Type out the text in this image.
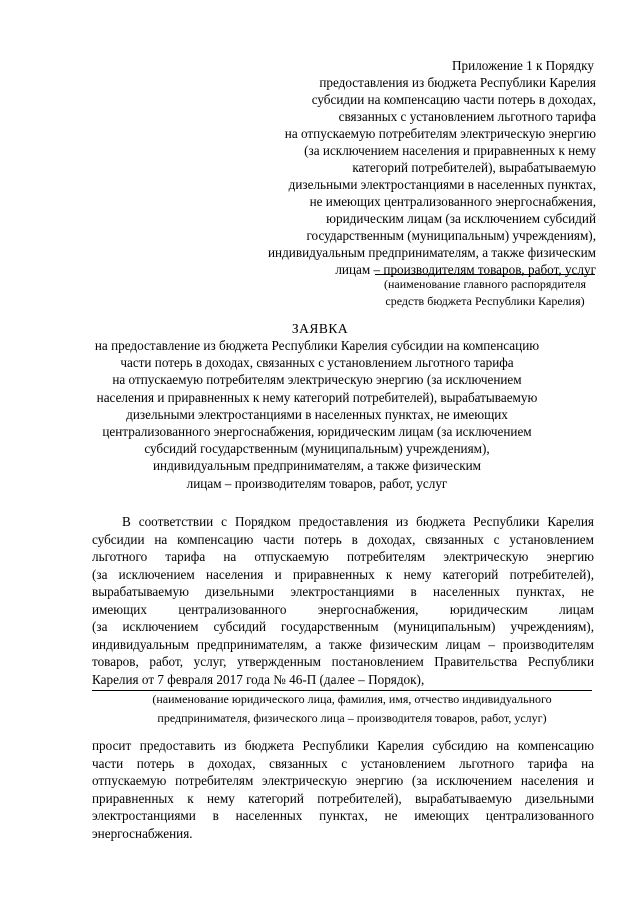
Приложение 1 к Порядку
предоставления из бюджета Республики Карелия
субсидии на компенсацию части потерь в доходах,
связанных с установлением льготного тарифа
на отпускаемую потребителям электрическую энергию
(за исключением населения и приравненных к нему
категорий потребителей), вырабатываемую
дизельными электростанциями в населенных пунктах,
не имеющих централизованного энергоснабжения,
юридическим лицам (за исключением субсидий
государственным (муниципальным) учреждениям),
индивидуальным предпринимателям, а также физическим
лицам – производителям товаров, работ, услуг
(наименование главного распорядителя
средств бюджета Республики Карелия)
ЗАЯВКА
на предоставление из бюджета Республики Карелия субсидии на компенсацию
части потерь в доходах, связанных с установлением льготного тарифа
на отпускаемую потребителям электрическую энергию (за исключением
населения и приравненных к нему категорий потребителей), вырабатываемую
дизельными электростанциями в населенных пунктах, не имеющих
централизованного энергоснабжения, юридическим лицам (за исключением
субсидий государственным (муниципальным) учреждениям),
индивидуальным предпринимателям, а также физическим
лицам – производителям товаров, работ, услуг
В соответствии с Порядком предоставления из бюджета Республики Карелия
субсидии на компенсацию части потерь в доходах, связанных с установлением
льготного тарифа на отпускаемую потребителям электрическую энергию
(за исключением населения и приравненных к нему категорий потребителей),
вырабатываемую дизельными электростанциями в населенных пунктах, не
имеющих централизованного энергоснабжения, юридическим лицам
(за исключением субсидий государственным (муниципальным) учреждениям),
индивидуальным предпринимателям, а также физическим лицам – производителям
товаров, работ, услуг, утвержденным постановлением Правительства Республики
Карелия от 7 февраля 2017 года № 46-П (далее – Порядок),
(наименование юридического лица, фамилия, имя, отчество индивидуального
предпринимателя, физического лица – производителя товаров, работ, услуг)
просит предоставить из бюджета Республики Карелия субсидию на компенсацию
части потерь в доходах, связанных с установлением льготного тарифа на
отпускаемую потребителям электрическую энергию (за исключением населения и
приравненных к нему категорий потребителей), вырабатываемую дизельными
электростанциями в населенных пунктах, не имеющих централизованного
энергоснабжения.
